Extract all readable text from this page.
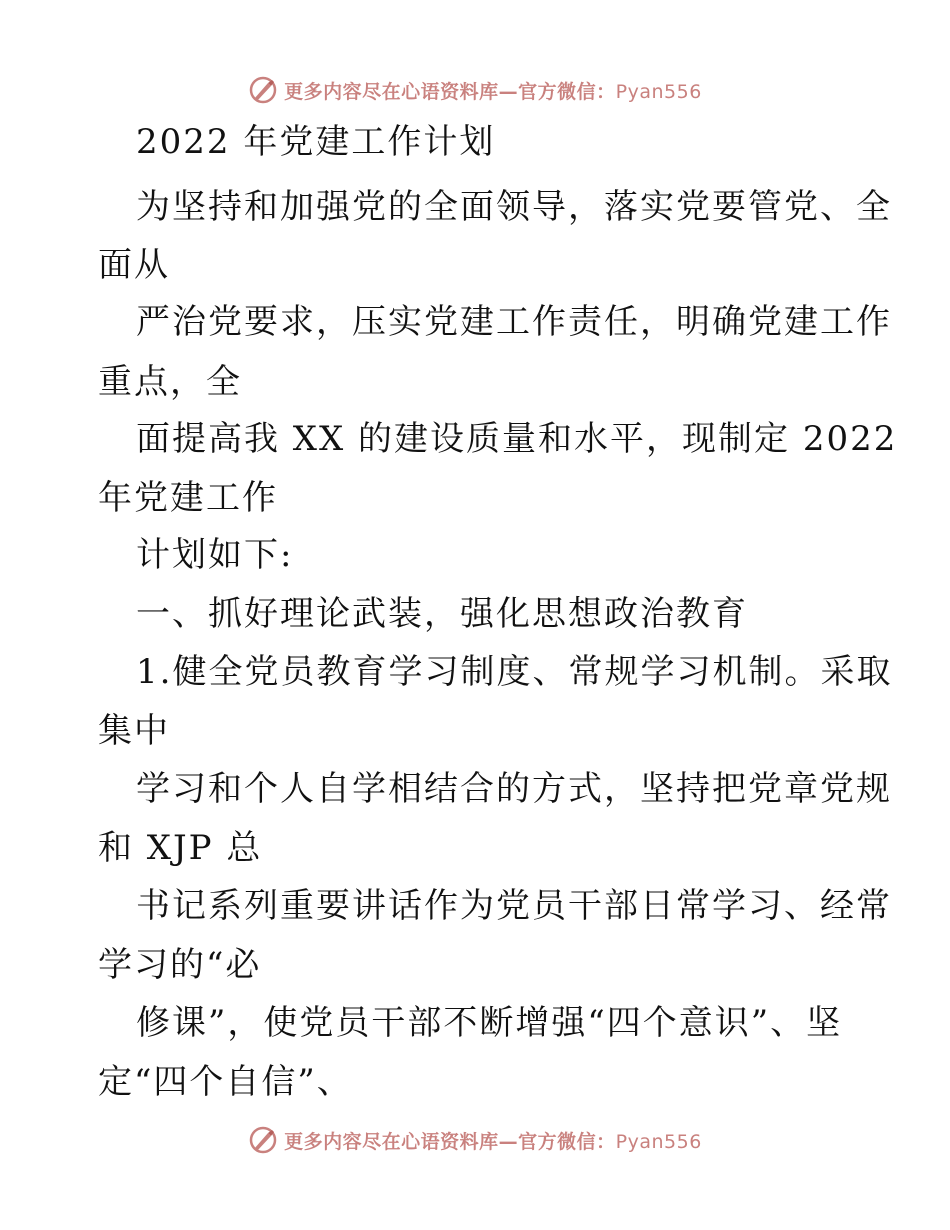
更多内容尽在心语资料库—官方微信：Pyan556
2022 年党建工作计划
为坚持和加强党的全面领导，落实党要管党、全
面从
严治党要求，压实党建工作责任，明确党建工作
重点，全
面提高我 XX 的建设质量和水平，现制定 2022
年党建工作
计划如下:
一、抓好理论武装，强化思想政治教育
1.健全党员教育学习制度、常规学习机制。采取
集中
学习和个人自学相结合的方式，坚持把党章党规
和 XJP 总
书记系列重要讲话作为党员干部日常学习、经常
学习的“必
修课”，使党员干部不断增强“四个意识”、坚
定“四个自信”、
更多内容尽在心语资料库—官方微信：Pyan556
